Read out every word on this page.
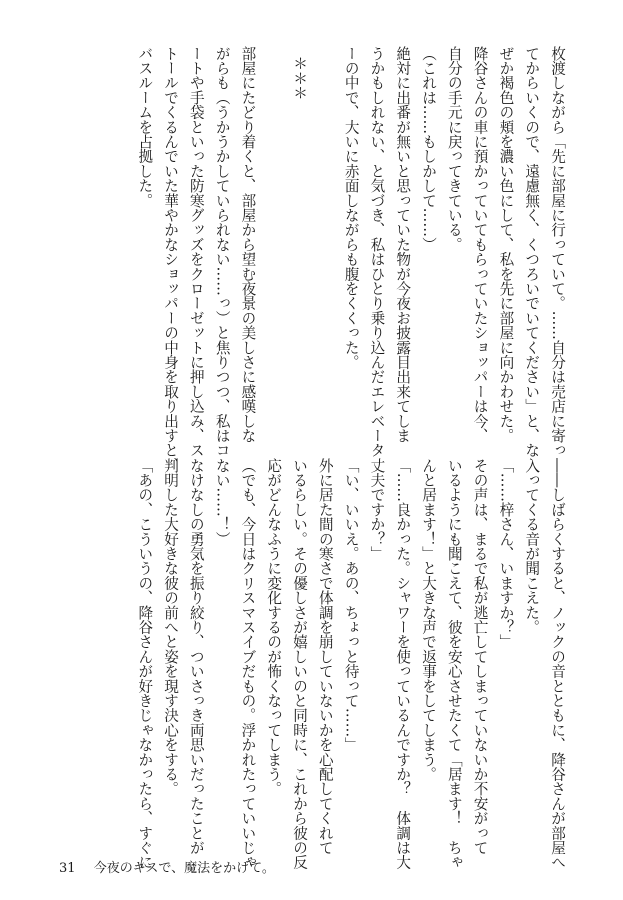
枚渡しながら「先に部屋に行っていて。……自分は売店に寄っ
てからいくので、遠慮無く、くつろいでいてください」と、な
ぜか褐色の頬を濃い色にして、私を先に部屋に向かわせた。
降谷さんの車に預かっていてもらっていたショッパーは今、
自分の手元に戻ってきている。
（これは……もしかして……）
絶対に出番が無いと思っていた物が今夜お披露目出来てしま
うかもしれない、と気づき、私はひとり乗り込んだエレベータ
ーの中で、大いに赤面しながらも腹をくくった。

＊＊＊

部屋にたどり着くと、部屋から望む夜景の美しさに感嘆しな
がらも（うかうかしていられない……っ）と焦りつつ、私はコ
ートや手袋といった防寒グッズをクローゼットに押し込み、ス
トールでくるんでいた華やかなショッパーの中身を取り出すと、
バスルームを占拠した。
――しばらくすると、ノックの音とともに、降谷さんが部屋へ
入ってくる音が聞こえた。
「……梓さん、いますか？」
その声は、まるで私が逃亡してしまっていないか不安がって
いるようにも聞こえて、彼を安心させたくて「居ます！　ちゃ
んと居ます！」と大きな声で返事をしてしまう。
「……良かった。シャワーを使っているんですか？　体調は大
丈夫ですか？」
「い、いいえ。あの、ちょっと待って……」
外に居た間の寒さで体調を崩していないかを心配してくれて
いるらしい。その優しさが嬉しいのと同時に、これから彼の反
応がどんなふうに変化するのが怖くなってしまう。
（でも、今日はクリスマスイブだもの。浮かれたっていいじゃ
ない……！）
なけなしの勇気を振り絞り、ついさっき両思いだったことが
判明した大好きな彼の前へと姿を現す決心をする。
「あの、こういうの、降谷さんが好きじゃなかったら、すぐに
31 今夜のキスで、魔法をかけて。
